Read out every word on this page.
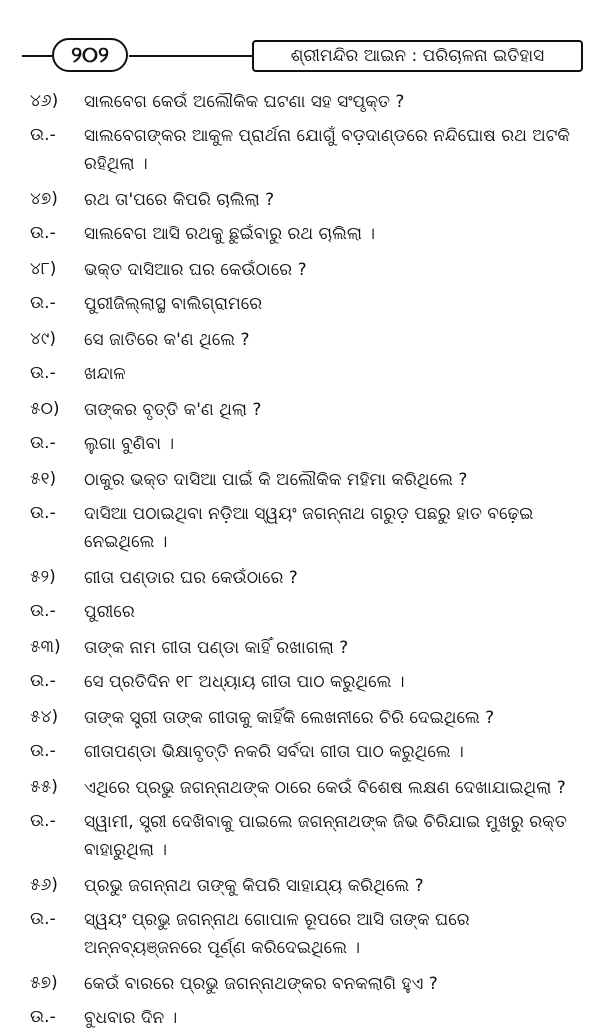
୨୦୨	ଶ୍ରୀମନ୍ଦିର ଆଇନ : ପରିଚାଳନା ଇତିହାସ
୪୬)	ସାଲବେଗ କେଉଁ ଅଲୌକିକ ଘଟଣା ସହ ସଂପୃକ୍ତ ?
ଉ.-	ସାଲବେଗଙ୍କର ଆକୁଳ ପ୍ରାର୍ଥନା ଯୋଗୁଁ ବଡ଼ଦାଣ୍ଡରେ ନନ୍ଦିଘୋଷ ରଥ ଅଟକି ରହିଥିଲା ।
୪୭)	ରଥ ତା'ପରେ କିପରି ଚାଲିଲା ?
ଉ.-	ସାଲବେଗ ଆସି ରଥକୁ ଛୁଇଁବାରୁ ରଥ ଚାଲିଲା ।
୪୮)	ଭକ୍ତ ଦାସିଆର ଘର କେଉଁଠାରେ ?
ଉ.-	ପୁରୀଜିଲ୍ଲାସ୍ଥ ବାଲିଗ୍ରାମରେ
୪୯)	ସେ ଜାତିରେ କ'ଣ ଥିଲେ ?
ଉ.-	ଖନ୍ଦାଳ
୫୦)	ତାଙ୍କର ବୃତ୍ତି କ'ଣ ଥିଲା ?
ଉ.-	ଲୁଗା ବୁଣିବା ।
୫୧)	ଠାକୁର ଭକ୍ତ ଦାସିଆ ପାଇଁ କି ଅଲୌକିକ ମହିମା କରିଥିଲେ ?
ଉ.-	ଦାସିଆ ପଠାଇଥିବା ନଡ଼ିଆ ସ୍ୱୟଂ ଜଗନ୍ନାଥ ଗରୁଡ଼ ପଛରୁ ହାତ ବଢ଼େଇ ନେଇଥିଲେ ।
୫୨)	ଗୀତା ପଣ୍ଡାର ଘର କେଉଁଠାରେ ?
ଉ.-	ପୁରୀରେ
୫୩)	ତାଙ୍କ ନାମ ଗୀତା ପଣ୍ଡା କାହିଁ ରଖାଗଲା ?
ଉ.-	ସେ ପ୍ରତିଦିନ ୧୮ ଅଧ୍ୟାୟ ଗୀତା ପାଠ କରୁଥିଲେ ।
୫୪)	ତାଙ୍କ ସ୍ତ୍ରୀ ତାଙ୍କ ଗୀତାକୁ କାହିଁକି ଲେଖନୀରେ ଚିରି ଦେଇଥିଲେ ?
ଉ.-	ଗୀତାପଣ୍ଡା ଭିକ୍ଷାବୃତ୍ତି ନକରି ସର୍ବଦା ଗୀତା ପାଠ କରୁଥିଲେ ।
୫୫)	ଏଥିରେ ପ୍ରଭୁ ଜଗନ୍ନାଥଙ୍କ ଠାରେ କେଉଁ ବିଶେଷ ଲକ୍ଷଣ ଦେଖାଯାଇଥିଲା ?
ଉ.-	ସ୍ୱାମୀ, ସ୍ତ୍ରୀ ଦେଖିବାକୁ ପାଇଲେ ଜଗନ୍ନାଥଙ୍କ ଜିଭ ଚିରିଯାଇ ମୁଖରୁ ରକ୍ତ ବାହାରୁଥିଲା ।
୫୬)	ପ୍ରଭୁ ଜଗନ୍ନାଥ ତାଙ୍କୁ କିପରି ସାହାଯ୍ୟ କରିଥିଲେ ?
ଉ.-	ସ୍ୱୟଂ ପ୍ରଭୁ ଜଗନ୍ନାଥ ଗୋପାଳ ରୂପରେ ଆସି ତାଙ୍କ ଘରେ ଅନ୍ନବ୍ୟଞ୍ଜନରେ ପୂର୍ଣ୍ଣ କରିଦେଇଥିଲେ ।
୫୭)	କେଉଁ ବାରରେ ପ୍ରଭୁ ଜଗନ୍ନାଥଙ୍କର ବନକଲାଗି ହୁଏ ?
ଉ.-	ବୁଧବାର ଦିନ ।
